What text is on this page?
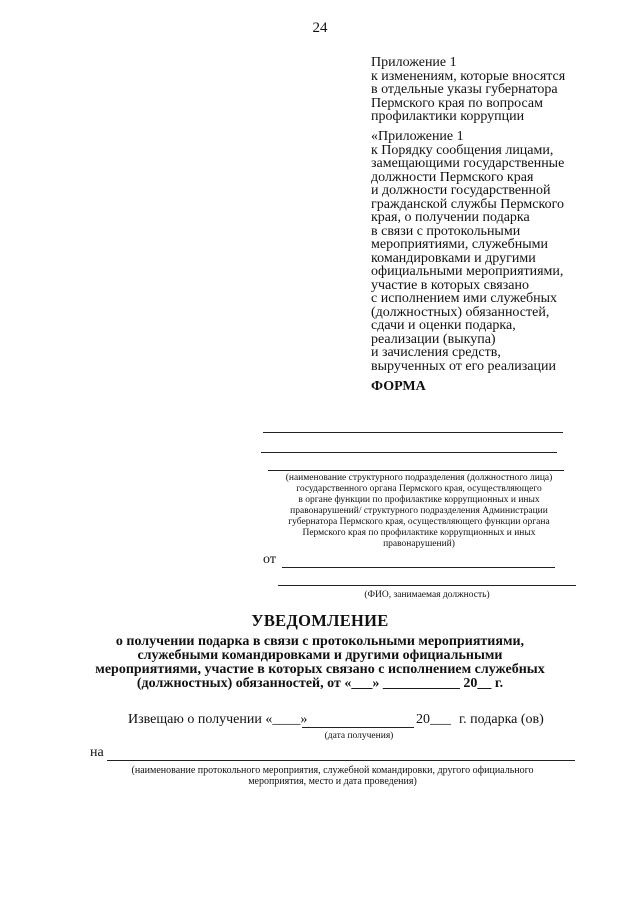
24
Приложение 1
к изменениям, которые вносятся
в отдельные указы губернатора
Пермского края по вопросам
профилактики коррупции
«Приложение 1
к Порядку сообщения лицами,
замещающими государственные
должности Пермского края
и должности государственной
гражданской службы Пермского
края, о получении подарка
в связи с протокольными
мероприятиями, служебными
командировками и другими
официальными мероприятиями,
участие в которых связано
с исполнением ими служебных
(должностных) обязанностей,
сдачи и оценки подарка,
реализации (выкупа)
и зачисления средств,
вырученных от его реализации
ФОРМА
(наименование структурного подразделения (должностного лица)
государственного органа Пермского края, осуществляющего
в органе функции по профилактике коррупционных и иных
правонарушений/ структурного подразделения Администрации
губернатора Пермского края, осуществляющего функции органа
Пермского края по профилактике коррупционных и иных
правонарушений)
от
(ФИО, занимаемая должность)
УВЕДОМЛЕНИЕ
о получении подарка в связи с протокольными мероприятиями,
служебными командировками и другими официальными
мероприятиями, участие в которых связано с исполнением служебных
(должностных) обязанностей, от «___» ___________ 20__ г.
Извещаю о получении «____»	20___ г. подарка (ов)
(дата получения)
на
(наименование протокольного мероприятия, служебной командировки, другого официального
мероприятия, место и дата проведения)
